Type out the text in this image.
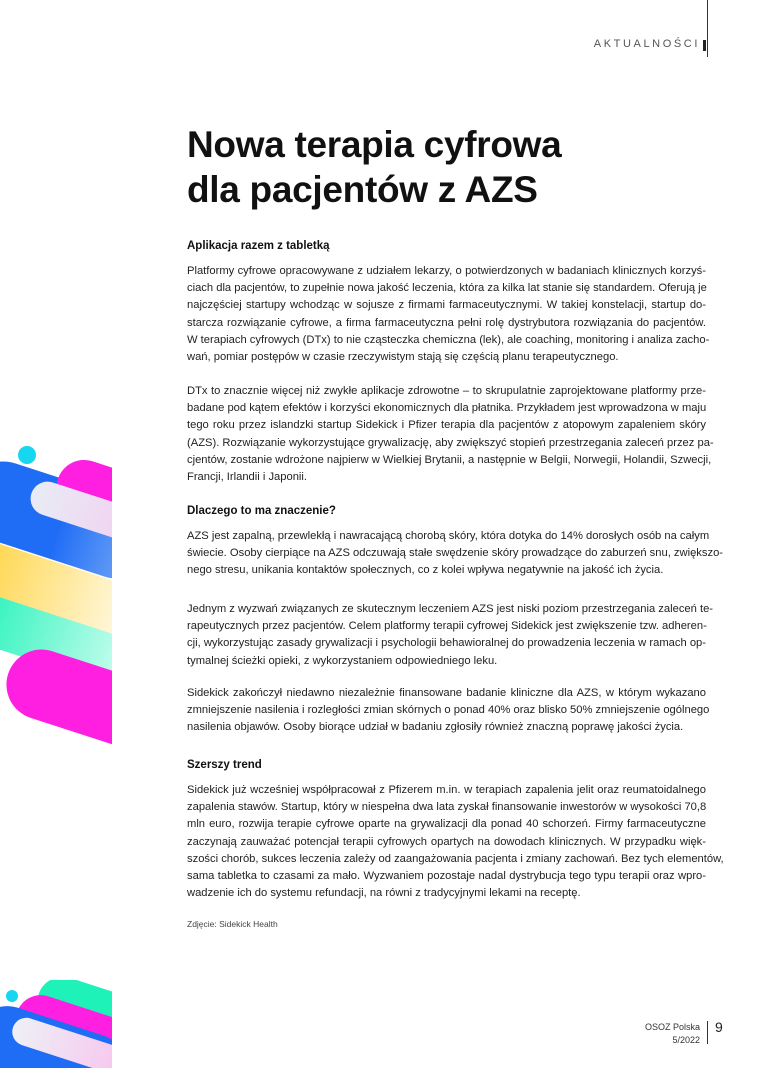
AKTUALNOŚCI
Nowa terapia cyfrowa
dla pacjentów z AZS
Aplikacja razem z tabletką
Platformy cyfrowe opracowywane z udziałem lekarzy, o potwierdzonych w badaniach klinicznych korzyś-
ciach dla pacjentów, to zupełnie nowa jakość leczenia, która za kilka lat stanie się standardem. Oferują je
najczęściej startupy wchodząc w sojusze z firmami farmaceutycznymi. W takiej konstelacji, startup do-
starcza rozwiązanie cyfrowe, a firma farmaceutyczna pełni rolę dystrybutora rozwiązania do pacjentów.
W terapiach cyfrowych (DTx) to nie cząsteczka chemiczna (lek), ale coaching, monitoring i analiza zacho-
wań, pomiar postępów w czasie rzeczywistym stają się częścią planu terapeutycznego.
DTx to znacznie więcej niż zwykłe aplikacje zdrowotne – to skrupulatnie zaprojektowane platformy prze-
badane pod kątem efektów i korzyści ekonomicznych dla płatnika. Przykładem jest wprowadzona w maju
tego roku przez islandzki startup Sidekick i Pfizer terapia dla pacjentów z atopowym zapaleniem skóry
(AZS). Rozwiązanie wykorzystujące grywalizację, aby zwiększyć stopień przestrzegania zaleceń przez pa-
cjentów, zostanie wdrożone najpierw w Wielkiej Brytanii, a następnie w Belgii, Norwegii, Holandii, Szwecji,
Francji, Irlandii i Japonii.
Dlaczego to ma znaczenie?
AZS jest zapalną, przewlekłą i nawracającą chorobą skóry, która dotyka do 14% dorosłych osób na całym
świecie. Osoby cierpiące na AZS odczuwają stałe swędzenie skóry prowadzące do zaburzeń snu, zwiększo-
nego stresu, unikania kontaktów społecznych, co z kolei wpływa negatywnie na jakość ich życia.
Jednym z wyzwań związanych ze skutecznym leczeniem AZS jest niski poziom przestrzegania zaleceń te-
rapeutycznych przez pacjentów. Celem platformy terapii cyfrowej Sidekick jest zwiększenie tzw. adheren-
cji, wykorzystując zasady grywalizacji i psychologii behawioralnej do prowadzenia leczenia w ramach op-
tymalnej ścieżki opieki, z wykorzystaniem odpowiedniego leku.
Sidekick zakończył niedawno niezależnie finansowane badanie kliniczne dla AZS, w którym wykazano
zmniejszenie nasilenia i rozległości zmian skórnych o ponad 40% oraz blisko 50% zmniejszenie ogólnego
nasilenia objawów. Osoby biorące udział w badaniu zgłosiły również znaczną poprawę jakości życia.
Szerszy trend
Sidekick już wcześniej współpracował z Pfizerem m.in. w terapiach zapalenia jelit oraz reumatoidalnego
zapalenia stawów. Startup, który w niespełna dwa lata zyskał finansowanie inwestorów w wysokości 70,8
mln euro, rozwija terapie cyfrowe oparte na grywalizacji dla ponad 40 schorzeń. Firmy farmaceutyczne
zaczynają zauważać potencjał terapii cyfrowych opartych na dowodach klinicznych. W przypadku więk-
szości chorób, sukces leczenia zależy od zaangażowania pacjenta i zmiany zachowań. Bez tych elementów,
sama tabletka to czasami za mało. Wyzwaniem pozostaje nadal dystrybucja tego typu terapii oraz wpro-
wadzenie ich do systemu refundacji, na równi z tradycyjnymi lekami na receptę.
Zdjęcie: Sidekick Health
OSOZ Polska
5/2022
9
